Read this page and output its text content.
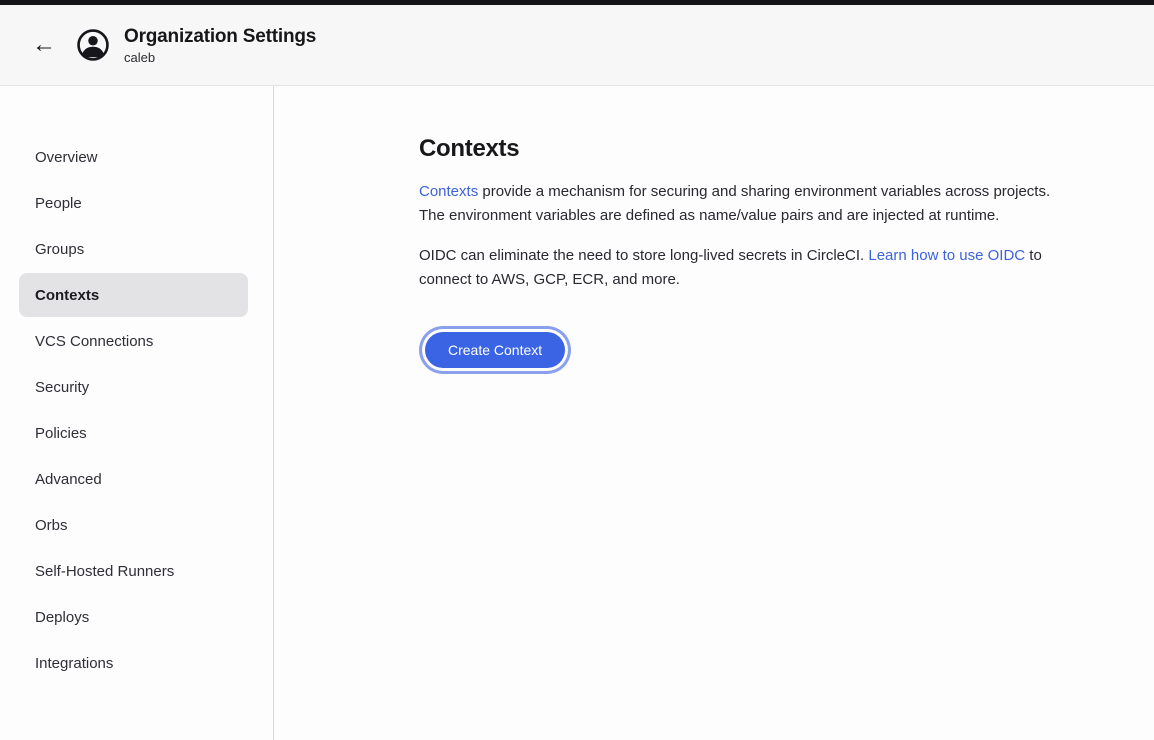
←	Organization Settings
caleb
Overview
People
Groups
Contexts
VCS Connections
Security
Policies
Advanced
Orbs
Self-Hosted Runners
Deploys
Integrations
Contexts

Contexts provide a mechanism for securing and sharing environment variables across projects. The environment variables are defined as name/value pairs and are injected at runtime.

OIDC can eliminate the need to store long-lived secrets in CircleCI. Learn how to use OIDC to connect to AWS, GCP, ECR, and more.

Create Context
